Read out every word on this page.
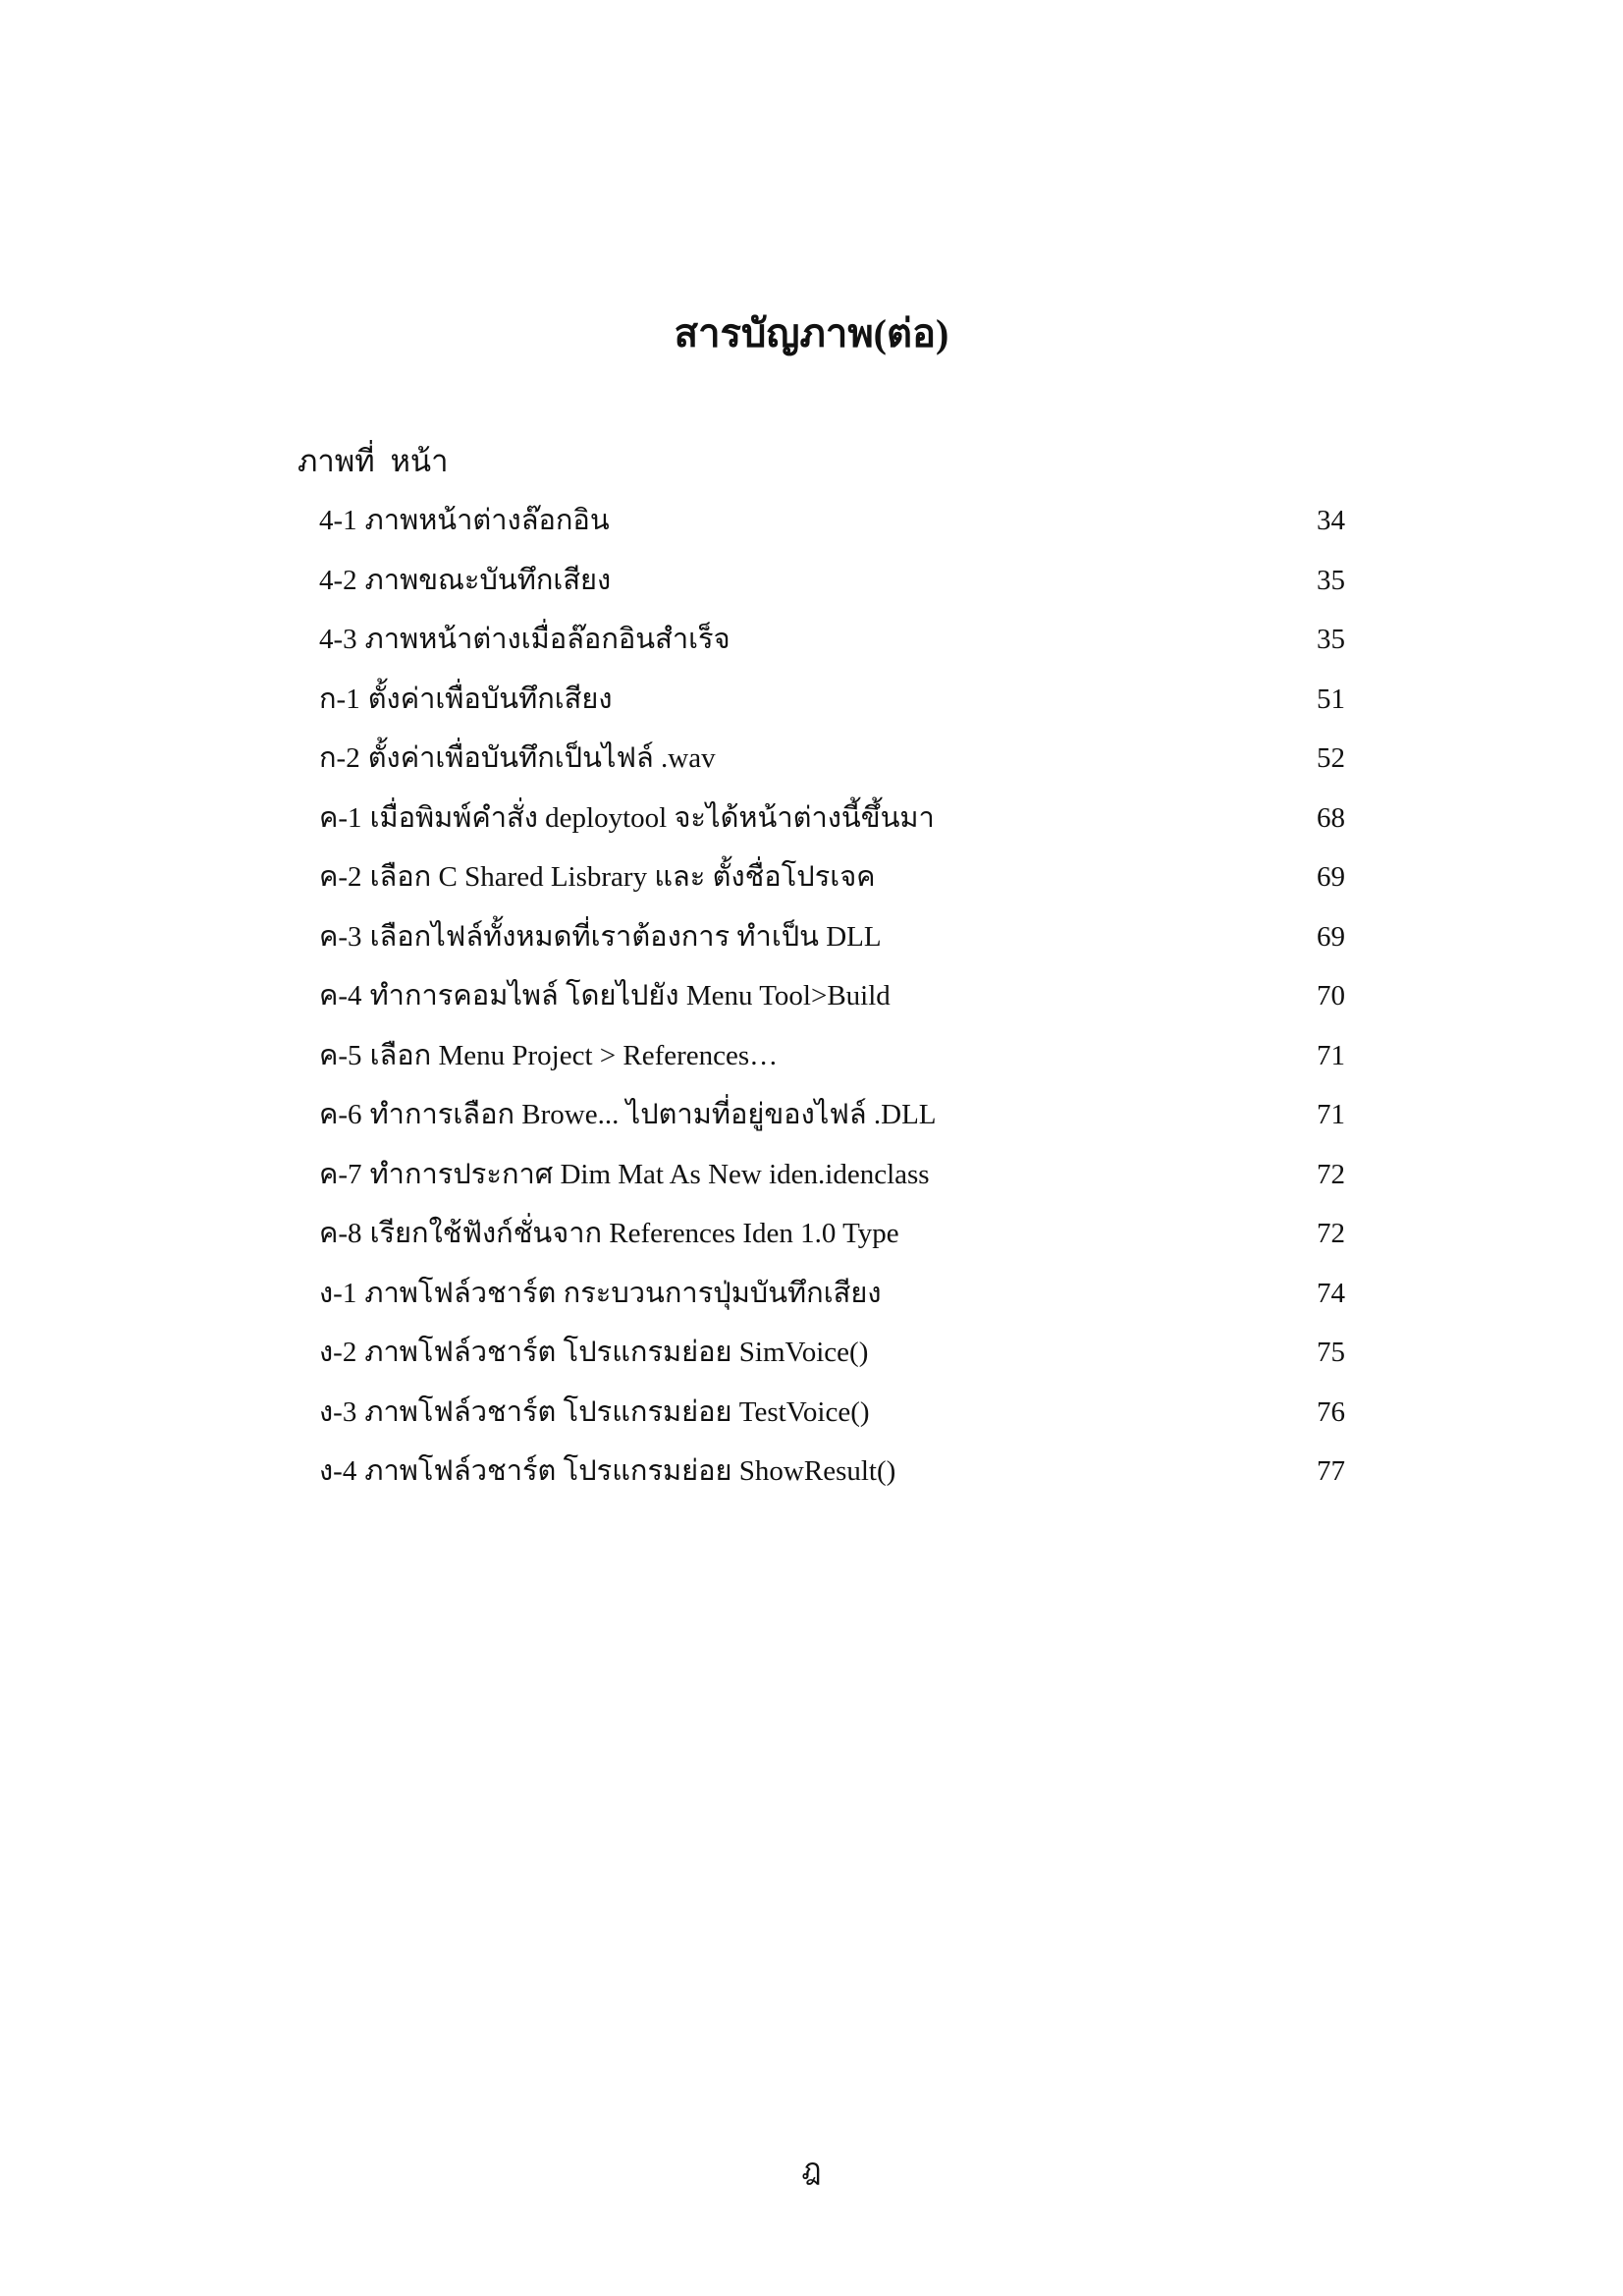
สารบัญภาพ(ต่อ)
ภาพที่ หน้า
4-1 ภาพหน้าต่างล๊อกอิน	34
4-2 ภาพขณะบันทึกเสียง	35
4-3 ภาพหน้าต่างเมื่อล๊อกอินสำเร็จ	35
ก-1 ตั้งค่าเพื่อบันทึกเสียง	51
ก-2 ตั้งค่าเพื่อบันทึกเป็นไฟล์ .wav	52
ค-1 เมื่อพิมพ์คำสั่ง deploytool จะได้หน้าต่างนี้ขึ้นมา	68
ค-2 เลือก C Shared Lisbrary และ ตั้งชื่อโปรเจค	69
ค-3 เลือกไฟล์ทั้งหมดที่เราต้องการ ทำเป็น DLL	69
ค-4 ทำการคอมไพล์ โดยไปยัง Menu Tool>Build	70
ค-5 เลือก Menu Project > References…	71
ค-6 ทำการเลือก Browe... ไปตามที่อยู่ของไฟล์ .DLL	71
ค-7 ทำการประกาศ Dim Mat As New iden.idenclass	72
ค-8 เรียกใช้ฟังก์ชั่นจาก References Iden 1.0 Type	72
ง-1 ภาพโฟล์วชาร์ต กระบวนการปุ่มบันทึกเสียง	74
ง-2 ภาพโฟล์วชาร์ต โปรแกรมย่อย SimVoice()	75
ง-3 ภาพโฟล์วชาร์ต โปรแกรมย่อย TestVoice()	76
ง-4 ภาพโฟล์วชาร์ต โปรแกรมย่อย ShowResult()	77
ฎ
